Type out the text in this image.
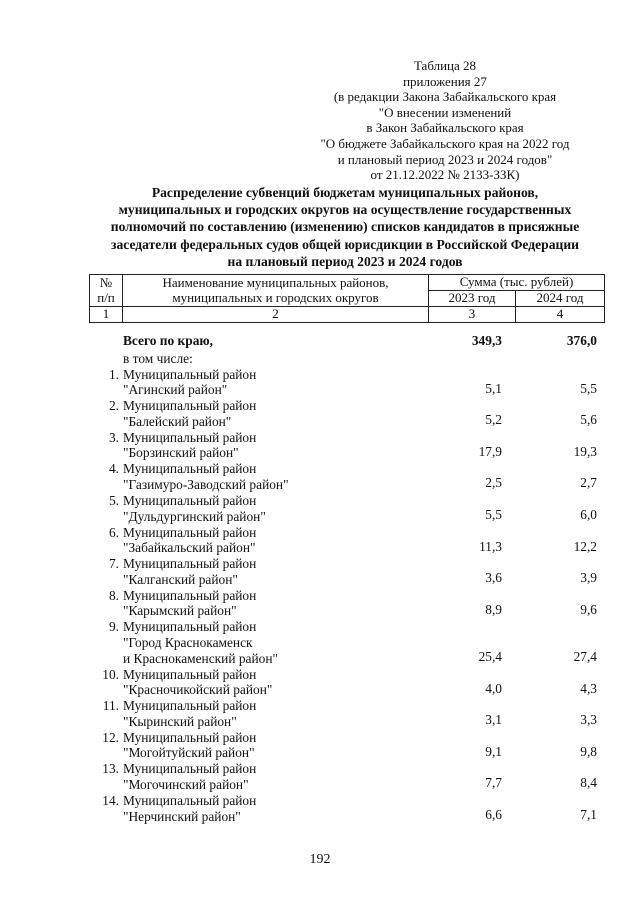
Таблица 28
приложения 27
(в редакции Закона Забайкальского края
"О внесении изменений
в Закон Забайкальского края
"О бюджете Забайкальского края на 2022 год
и плановый период 2023 и 2024 годов"
от 21.12.2022 № 2133-ЗЗК)
Распределение субвенций бюджетам муниципальных районов,
муниципальных и городских округов на осуществление государственных
полномочий по составлению (изменению) списков кандидатов в присяжные
заседатели федеральных судов общей юрисдикции в Российской Федерации
на плановый период 2023 и 2024 годов
№
п/п	Наименование муниципальных районов,
муниципальных и городских округов	Сумма (тыс. рублей)	
		2023 год	2024 год
1	2	3	4
Всего по краю,	349,3	376,0
в том числе:
1. Муниципальный район
"Агинский район"	5,1	5,5
2. Муниципальный район
"Балейский район"	5,2	5,6
3. Муниципальный район
"Борзинский район"	17,9	19,3
4. Муниципальный район
"Газимуро-Заводский район"	2,5	2,7
5. Муниципальный район
"Дульдургинский район"	5,5	6,0
6. Муниципальный район
"Забайкальский район"	11,3	12,2
7. Муниципальный район
"Калганский район"	3,6	3,9
8. Муниципальный район
"Карымский район"	8,9	9,6
9. Муниципальный район
"Город Краснокаменск
и Краснокаменский район"	25,4	27,4
10. Муниципальный район
"Красночикойский район"	4,0	4,3
11. Муниципальный район
"Кыринский район"	3,1	3,3
12. Муниципальный район
"Могойтуйский район"	9,1	9,8
13. Муниципальный район
"Могочинский район"	7,7	8,4
14. Муниципальный район
"Нерчинский район"	6,6	7,1
192
